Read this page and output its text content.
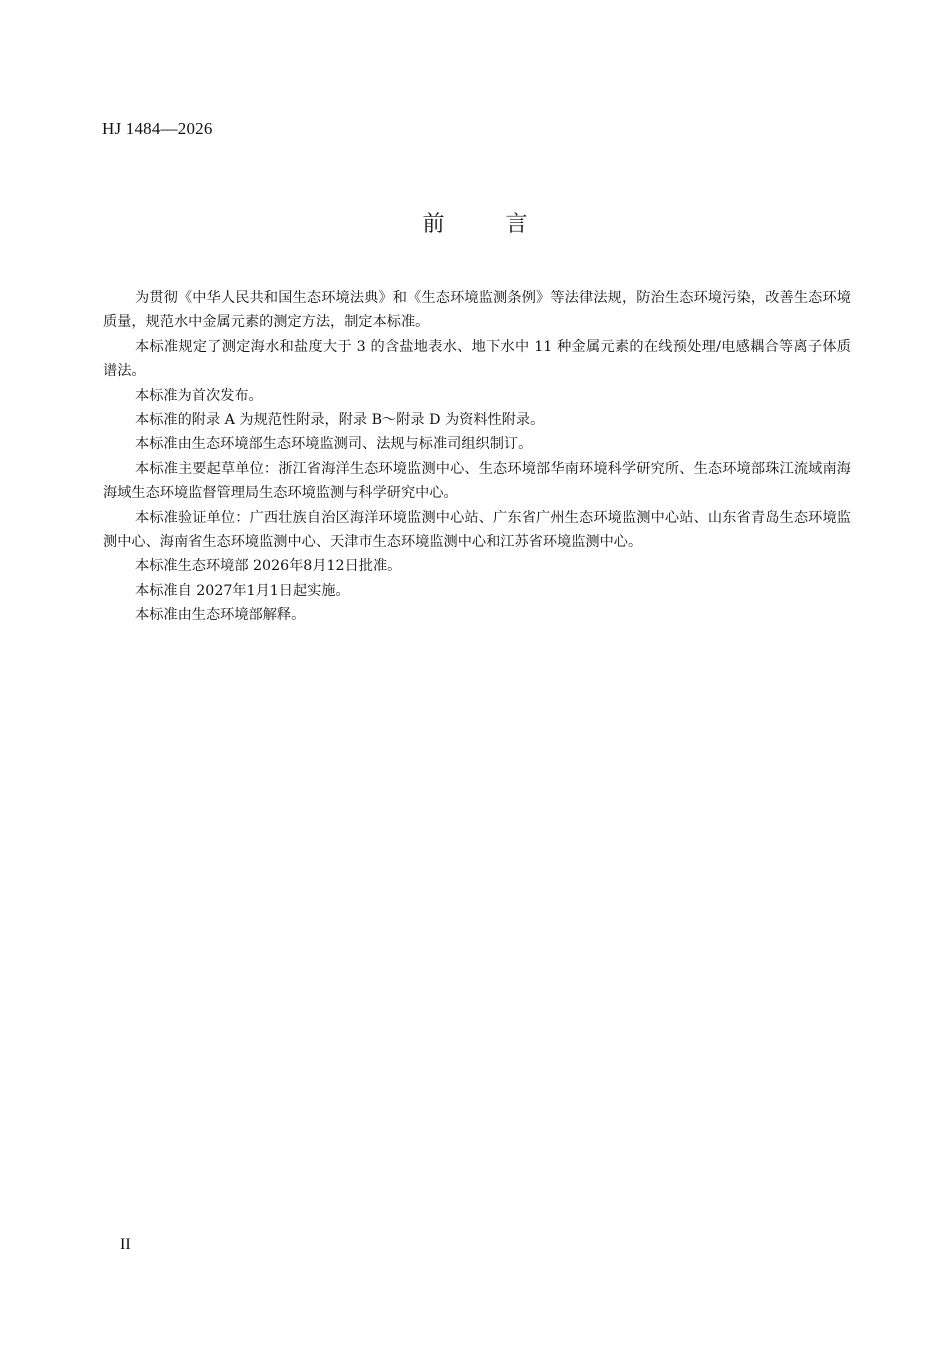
HJ 1484—2026
前 言

为贯彻《中华人民共和国生态环境法典》和《生态环境监测条例》等法律法规，防治生态环境污染，改善生态环境质量，规范水中金属元素的测定方法，制定本标准。

本标准规定了测定海水和盐度大于 3 的含盐地表水、地下水中 11 种金属元素的在线预处理/电感耦合等离子体质谱法。

本标准为首次发布。

本标准的附录 A 为规范性附录，附录 B～附录 D 为资料性附录。

本标准由生态环境部生态环境监测司、法规与标准司组织制订。

本标准主要起草单位：浙江省海洋生态环境监测中心、生态环境部华南环境科学研究所、生态环境部珠江流域南海海域生态环境监督管理局生态环境监测与科学研究中心。

本标准验证单位：广西壮族自治区海洋环境监测中心站、广东省广州生态环境监测中心站、山东省青岛生态环境监测中心、海南省生态环境监测中心、天津市生态环境监测中心和江苏省环境监测中心。

本标准生态环境部 2026年8月12日批准。

本标准自 2027年1月1日起实施。

本标准由生态环境部解释。

II
